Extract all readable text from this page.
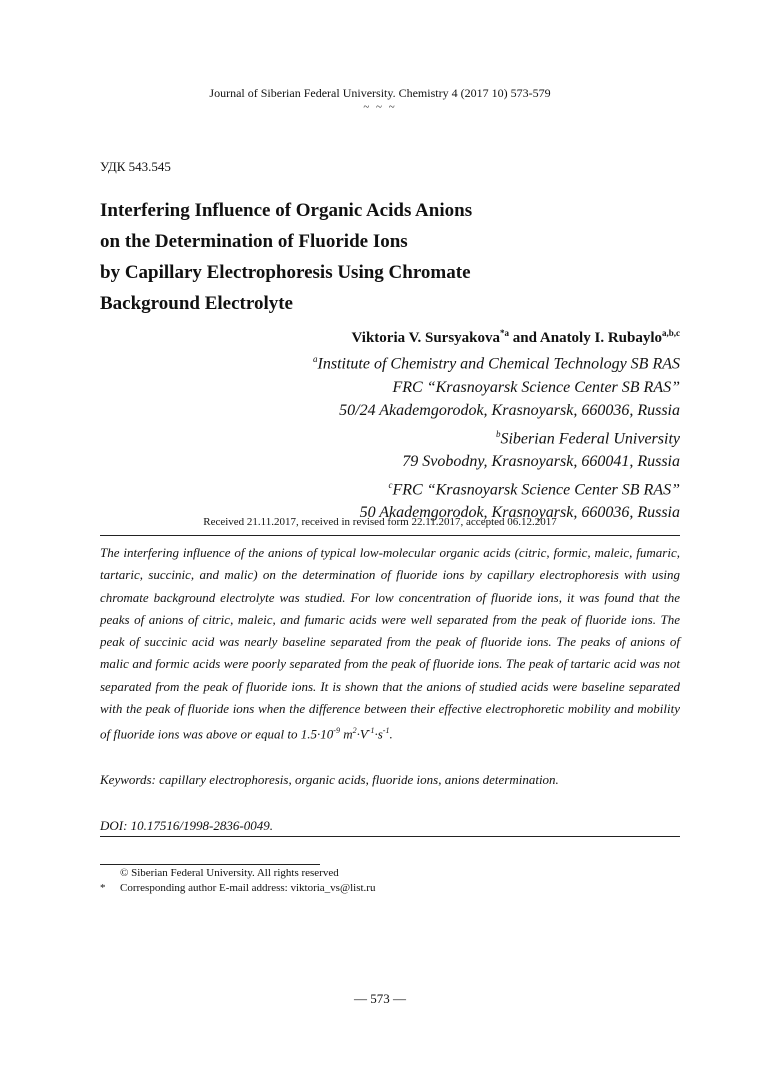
Journal of Siberian Federal University. Chemistry 4 (2017 10) 573-579
~ ~ ~
УДК 543.545
Interfering Influence of Organic Acids Anions
on the Determination of Fluoride Ions
by Capillary Electrophoresis Using Chromate
Background Electrolyte
Viktoria V. Sursyakova$^{*a}$ and Anatoly I. Rubaylo$^{a,b,c}$
$^a$Institute of Chemistry and Chemical Technology SB RAS
FRC “Krasnoyarsk Science Center SB RAS”
50/24 Akademgorodok, Krasnoyarsk, 660036, Russia
$^b$Siberian Federal University
79 Svobodny, Krasnoyarsk, 660041, Russia
$^c$FRC “Krasnoyarsk Science Center SB RAS”
50 Akademgorodok, Krasnoyarsk, 660036, Russia
Received 21.11.2017, received in revised form 22.11.2017, accepted 06.12.2017
The interfering influence of the anions of typical low-molecular organic acids (citric, formic, maleic, fumaric, tartaric, succinic, and malic) on the determination of fluoride ions by capillary electrophoresis with using chromate background electrolyte was studied. For low concentration of fluoride ions, it was found that the peaks of anions of citric, maleic, and fumaric acids were well separated from the peak of fluoride ions. The peak of succinic acid was nearly baseline separated from the peak of fluoride ions. The peaks of anions of malic and formic acids were poorly separated from the peak of fluoride ions. The peak of tartaric acid was not separated from the peak of fluoride ions. It is shown that the anions of studied acids were baseline separated with the peak of fluoride ions when the difference between their effective electrophoretic mobility and mobility of fluoride ions was above or equal to $1.5\cdot 10^{-9}$ $m^2\cdot V^{-1}\cdot s^{-1}$.
Keywords: capillary electrophoresis, organic acids, fluoride ions, anions determination.
DOI: 10.17516/1998-2836-0049.
© Siberian Federal University. All rights reserved
* Corresponding author E-mail address: viktoria_vs@list.ru
— 573 —
